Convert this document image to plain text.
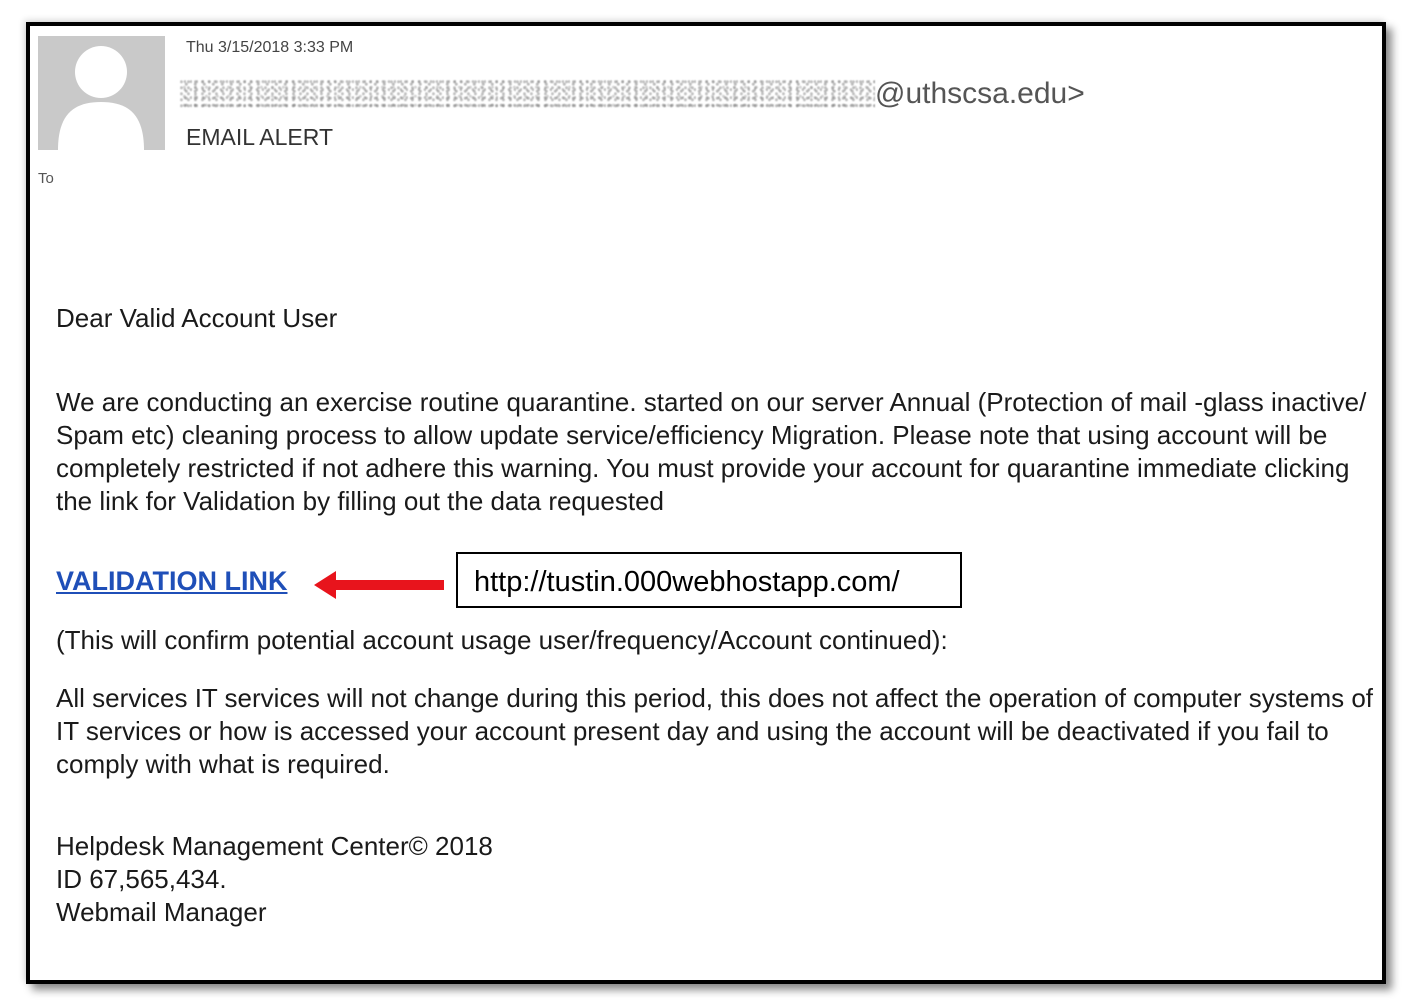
Thu 3/15/2018 3:33 PM
@uthscsa.edu>
EMAIL ALERT
To
Dear Valid Account User
We are conducting an exercise routine quarantine. started on our server Annual (Protection of mail -glass inactive/ Spam etc) cleaning process to allow update service/efficiency Migration. Please note that using account will be completely restricted if not adhere this warning. You must provide your account for quarantine immediate clicking the link for Validation by filling out the data requested
VALIDATION LINK	http://tustin.000webhostapp.com/
(This will confirm potential account usage user/frequency/Account continued):
All services IT services will not change during this period, this does not affect the operation of computer systems of IT services or how is accessed your account present day and using the account will be deactivated if you fail to comply with what is required.
Helpdesk Management Center© 2018
ID 67,565,434.
Webmail Manager
